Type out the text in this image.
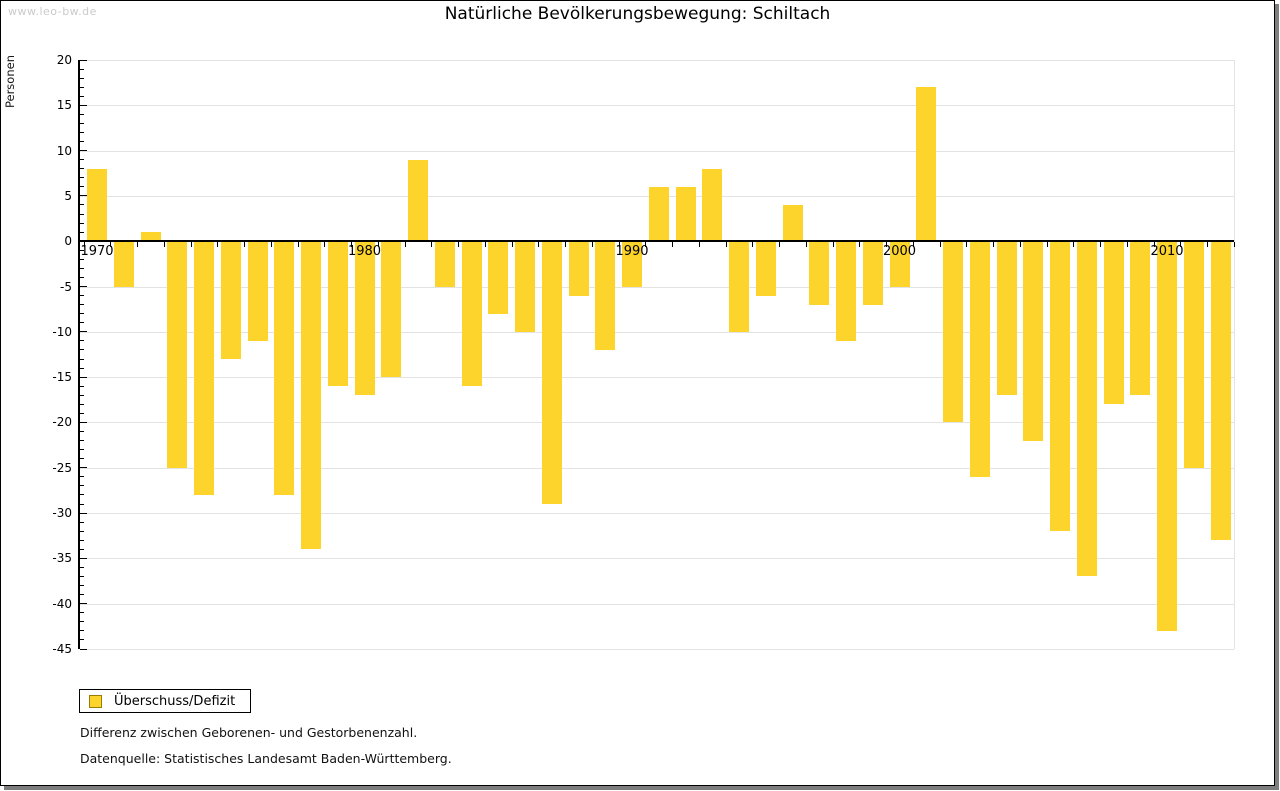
www.leo-bw.de	Natürliche Bevölkerungsbewegung: Schiltach
Personen
1970	1980	1990	2000	2010
20
15
10
5
0
-5
-10
-15
-20
-25
-30
-35
-40
-45
Überschuss/Defizit
Differenz zwischen Geborenen- und Gestorbenenzahl.
Datenquelle: Statistisches Landesamt Baden-Württemberg.
